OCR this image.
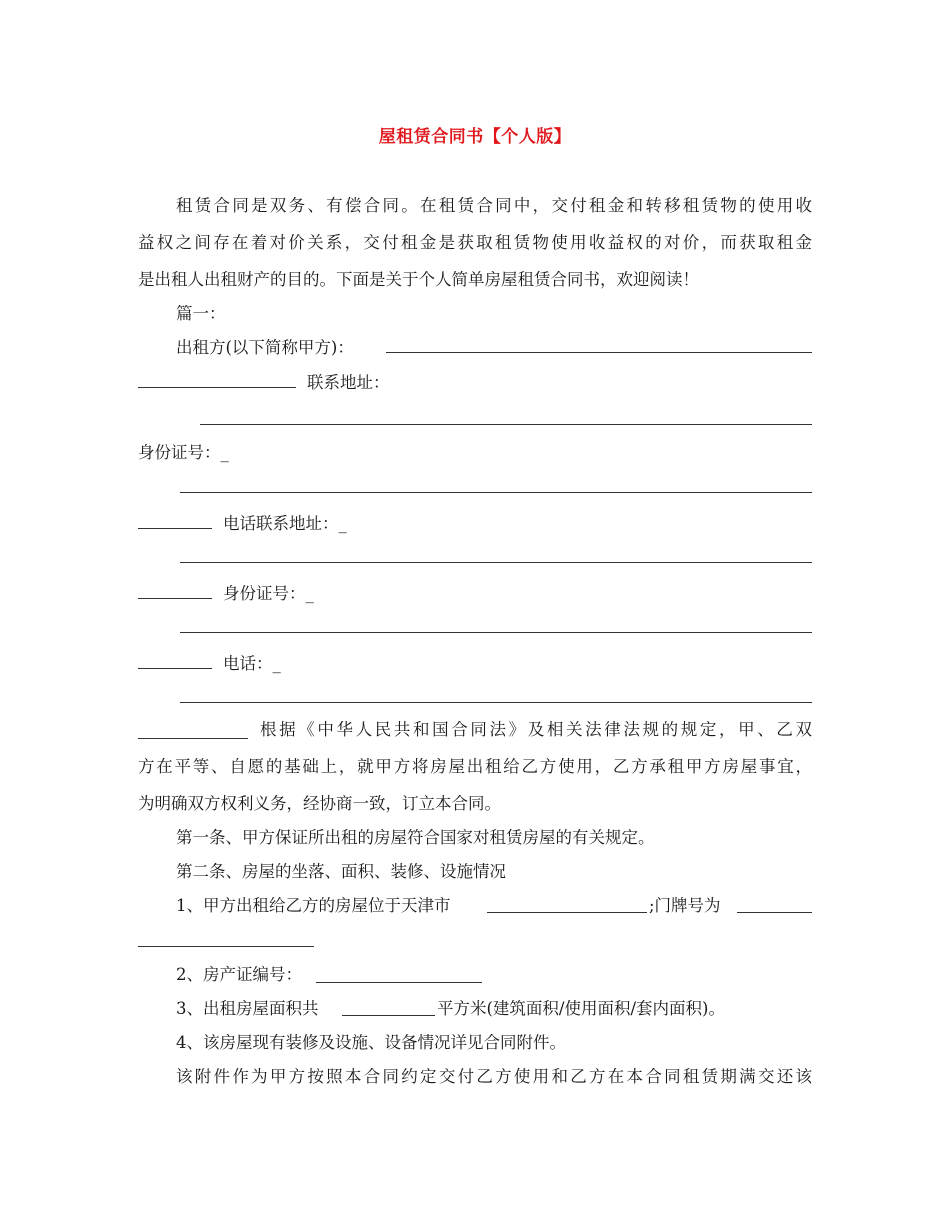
屋租赁合同书【个人版】
租赁合同是双务、有偿合同。在租赁合同中，交付租金和转移租赁物的使用收
益权之间存在着对价关系，交付租金是获取租赁物使用收益权的对价，而获取租金
是出租人出租财产的目的。下面是关于个人简单房屋租赁合同书，欢迎阅读！
篇一：
出租方(以下简称甲方)：
联系地址：
身份证号：_
电话联系地址：_
身份证号：_
电话：_
根据《中华人民共和国合同法》及相关法律法规的规定，甲、乙双
方在平等、自愿的基础上，就甲方将房屋出租给乙方使用，乙方承租甲方房屋事宜，
为明确双方权利义务，经协商一致，订立本合同。
第一条、甲方保证所出租的房屋符合国家对租赁房屋的有关规定。
第二条、房屋的坐落、面积、装修、设施情况
1、甲方出租给乙方的房屋位于天津市	;门牌号为
2、房产证编号：
3、出租房屋面积共	平方米(建筑面积/使用面积/套内面积)。
4、该房屋现有装修及设施、设备情况详见合同附件。
该附件作为甲方按照本合同约定交付乙方使用和乙方在本合同租赁期满交还该
